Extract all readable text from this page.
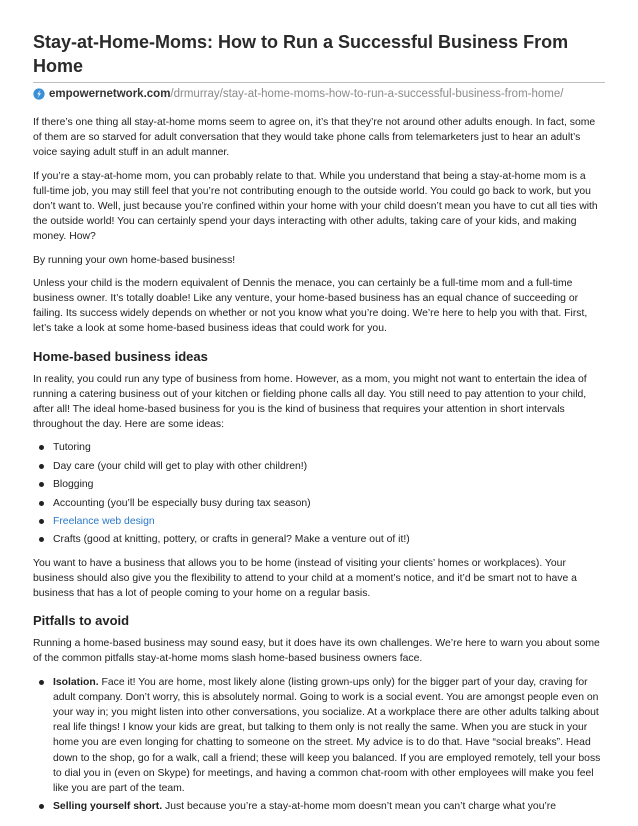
Stay-at-Home-Moms: How to Run a Successful Business From Home
empowernetwork.com /drmurray/stay-at-home-moms-how-to-run-a-successful-business-from-home/

If there’s one thing all stay-at-home moms seem to agree on, it’s that they’re not around other adults enough. In fact, some of them are so starved for adult conversation that they would take phone calls from telemarketers just to hear an adult’s voice saying adult stuff in an adult manner.

If you’re a stay-at-home mom, you can probably relate to that. While you understand that being a stay-at-home mom is a full-time job, you may still feel that you’re not contributing enough to the outside world. You could go back to work, but you don’t want to. Well, just because you’re confined within your home with your child doesn’t mean you have to cut all ties with the outside world! You can certainly spend your days interacting with other adults, taking care of your kids, and making money. How?

By running your own home-based business!

Unless your child is the modern equivalent of Dennis the menace, you can certainly be a full-time mom and a full-time business owner. It’s totally doable! Like any venture, your home-based business has an equal chance of succeeding or failing. Its success widely depends on whether or not you know what you’re doing. We’re here to help you with that. First, let’s take a look at some home-based business ideas that could work for you.

Home-based business ideas

In reality, you could run any type of business from home. However, as a mom, you might not want to entertain the idea of running a catering business out of your kitchen or fielding phone calls all day. You still need to pay attention to your child, after all! The ideal home-based business for you is the kind of business that requires your attention in short intervals throughout the day. Here are some ideas:

Tutoring
Day care (your child will get to play with other children!)
Blogging
Accounting (you’ll be especially busy during tax season)
Freelance web design
Crafts (good at knitting, pottery, or crafts in general? Make a venture out of it!)

You want to have a business that allows you to be home (instead of visiting your clients’ homes or workplaces). Your business should also give you the flexibility to attend to your child at a moment’s notice, and it’d be smart not to have a business that has a lot of people coming to your home on a regular basis.

Pitfalls to avoid

Running a home-based business may sound easy, but it does have its own challenges. We’re here to warn you about some of the common pitfalls stay-at-home moms slash home-based business owners face.

Isolation. Face it! You are home, most likely alone (listing grown-ups only) for the bigger part of your day, craving for adult company. Don’t worry, this is absolutely normal. Going to work is a social event. You are amongst people even on your way in; you might listen into other conversations, you socialize. At a workplace there are other adults talking about real life things! I know your kids are great, but talking to them only is not really the same. When you are stuck in your home you are even longing for chatting to someone on the street. My advice is to do that. Have “social breaks”. Head down to the shop, go for a walk, call a friend; these will keep you balanced. If you are employed remotely, tell your boss to dial you in (even on Skype) for meetings, and having a common chat-room with other employees will make you feel like you are part of the team.
Selling yourself short. Just because you’re a stay-at-home mom doesn’t mean you can’t charge what you’re
